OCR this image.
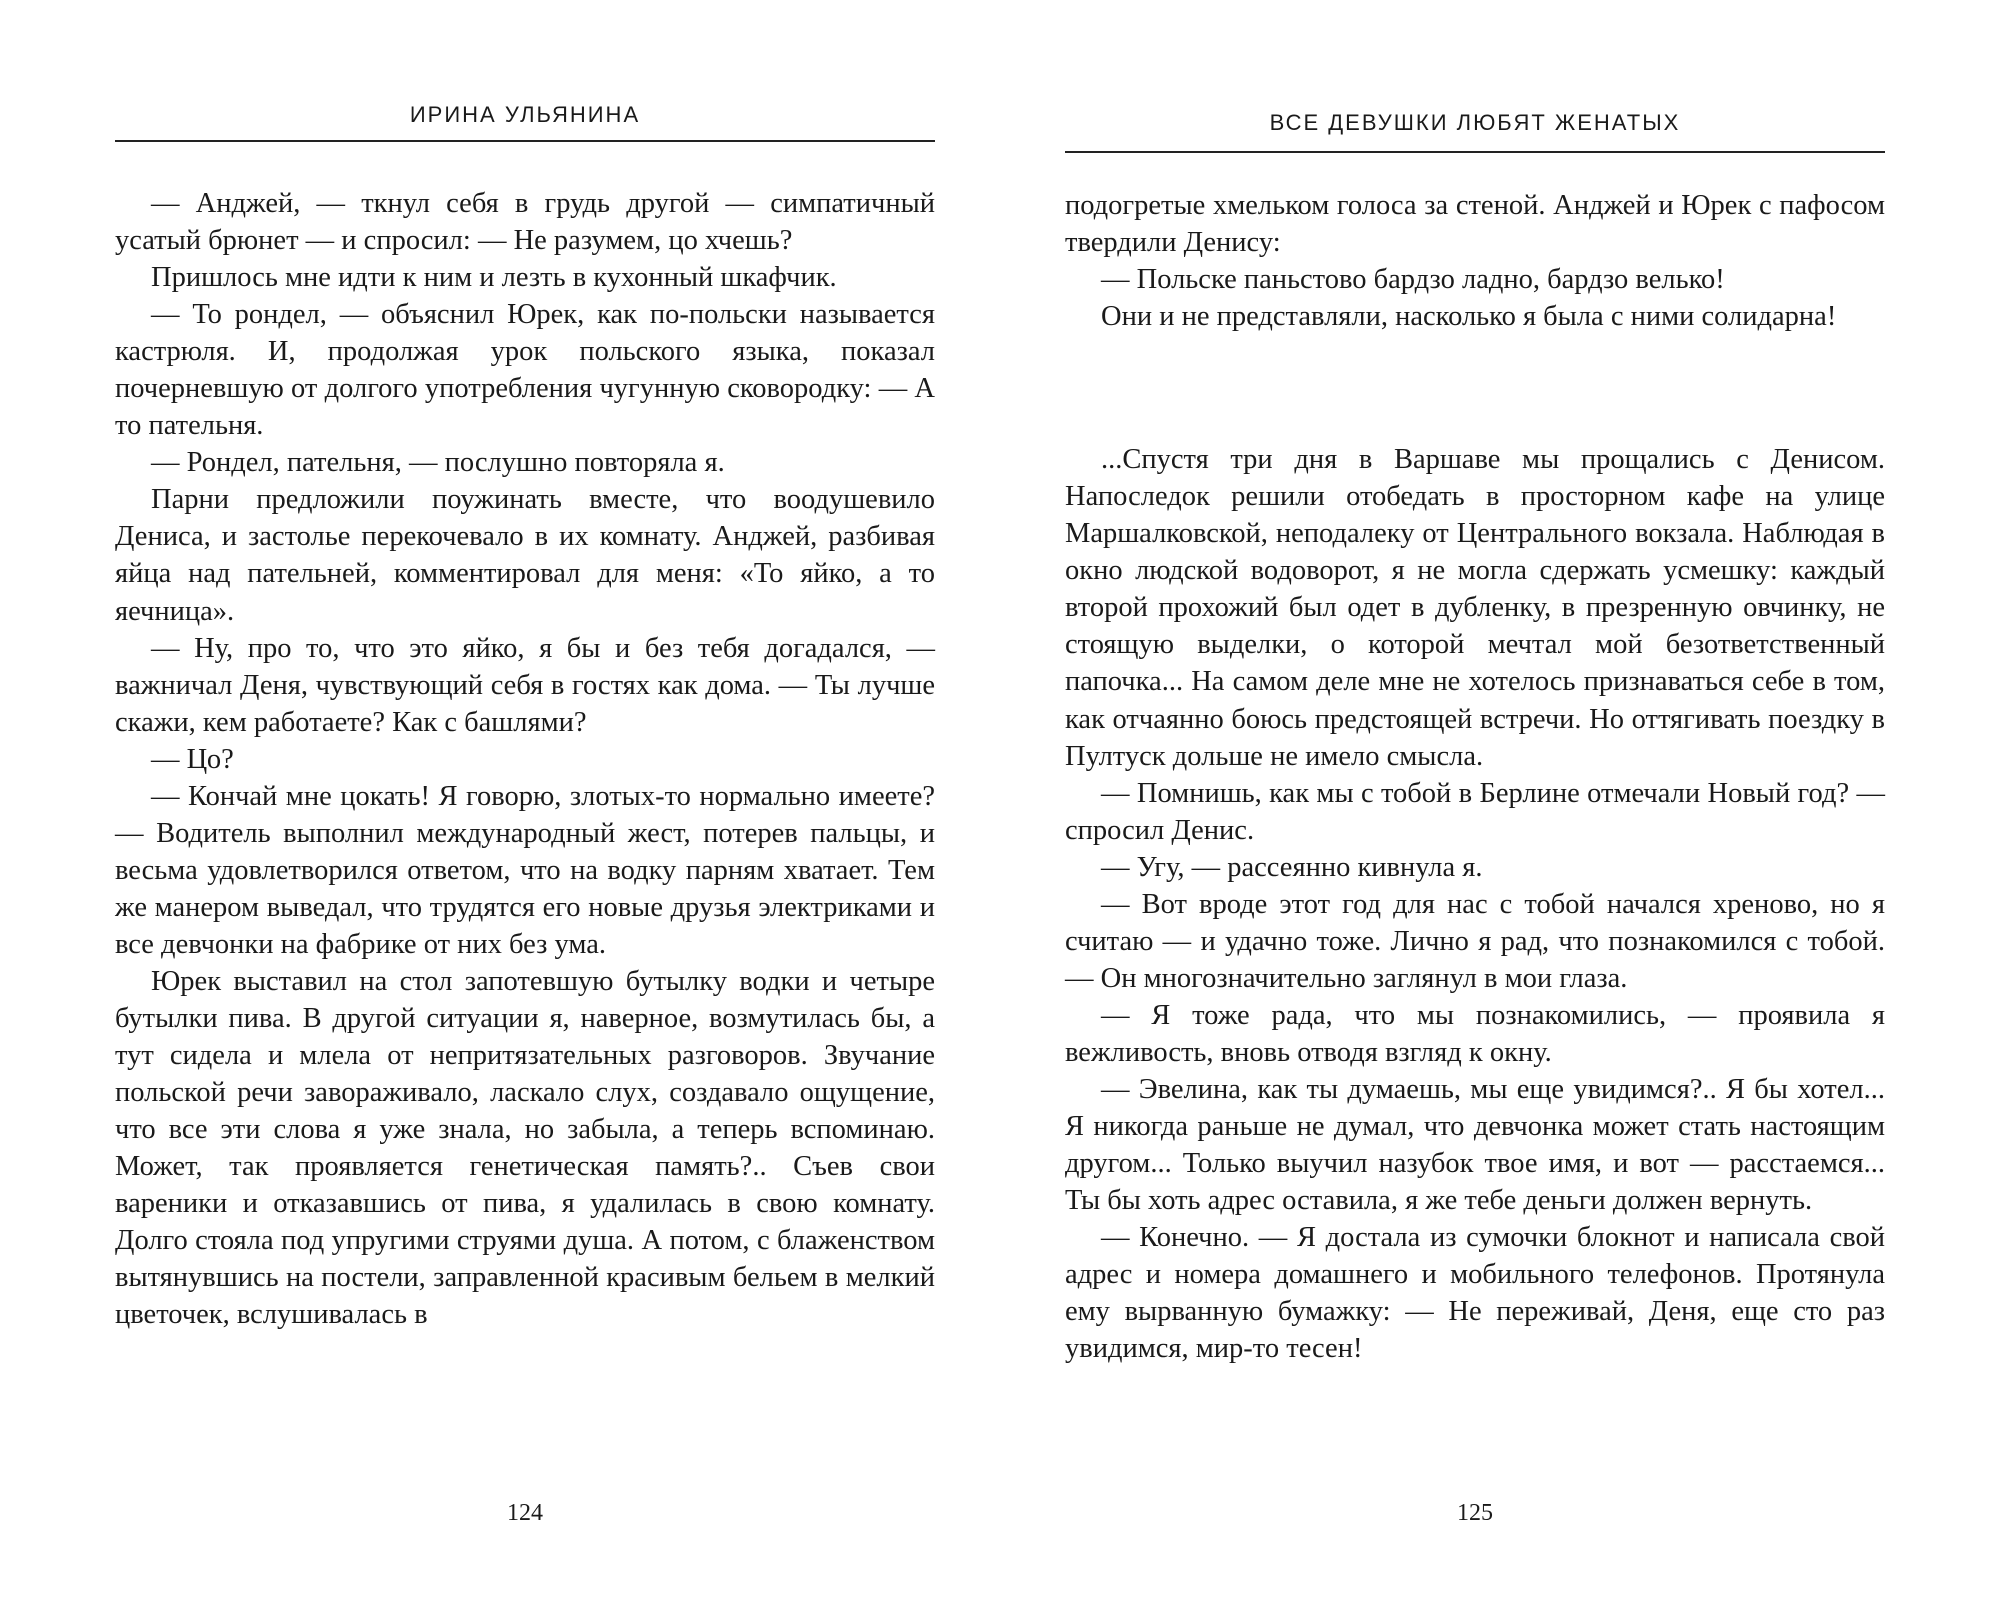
ИРИНА УЛЬЯНИНА

— Анджей, — ткнул себя в грудь другой — симпатичный усатый брюнет — и спросил: — Не разумем, цо хчешь?

Пришлось мне идти к ним и лезть в кухонный шкафчик.

— То рондел, — объяснил Юрек, как по-польски называется кастрюля. И, продолжая урок польского языка, показал почерневшую от долгого употребления чугунную сковородку: — А то пательня.

— Рондел, пательня, — послушно повторяла я.

Парни предложили поужинать вместе, что воодушевило Дениса, и застолье перекочевало в их комнату. Анджей, разбивая яйца над пательней, комментировал для меня: «То яйко, а то яечница».

— Ну, про то, что это яйко, я бы и без тебя догадался, — важничал Деня, чувствующий себя в гостях как дома. — Ты лучше скажи, кем работаете? Как с башлями?

— Цо?

— Кончай мне цокать! Я говорю, злотых-то нормально имеете? — Водитель выполнил международный жест, потерев пальцы, и весьма удовлетворился ответом, что на водку парням хватает. Тем же манером выведал, что трудятся его новые друзья электриками и все девчонки на фабрике от них без ума.

Юрек выставил на стол запотевшую бутылку водки и четыре бутылки пива. В другой ситуации я, наверное, возмутилась бы, а тут сидела и млела от непритязательных разговоров. Звучание польской речи завораживало, ласкало слух, создавало ощущение, что все эти слова я уже знала, но забыла, а теперь вспоминаю. Может, так проявляется генетическая память?.. Съев свои вареники и отказавшись от пива, я удалилась в свою комнату. Долго стояла под упругими струями душа. А потом, с блаженством вытянувшись на постели, заправленной красивым бельем в мелкий цветочек, вслушивалась в

124
ВСЕ ДЕВУШКИ ЛЮБЯТ ЖЕНАТЫХ

подогретые хмельком голоса за стеной. Анджей и Юрек с пафосом твердили Денису:

— Польске паньстово бардзо ладно, бардзо велько!

Они и не представляли, насколько я была с ними солидарна!

...Спустя три дня в Варшаве мы прощались с Денисом. Напоследок решили отобедать в просторном кафе на улице Маршалковской, неподалеку от Центрального вокзала. Наблюдая в окно людской водоворот, я не могла сдержать усмешку: каждый второй прохожий был одет в дубленку, в презренную овчинку, не стоящую выделки, о которой мечтал мой безответственный папочка... На самом деле мне не хотелось признаваться себе в том, как отчаянно боюсь предстоящей встречи. Но оттягивать поездку в Пултуск дольше не имело смысла.

— Помнишь, как мы с тобой в Берлине отмечали Новый год? — спросил Денис.

— Угу, — рассеянно кивнула я.

— Вот вроде этот год для нас с тобой начался хреново, но я считаю — и удачно тоже. Лично я рад, что познакомился с тобой. — Он многозначительно заглянул в мои глаза.

— Я тоже рада, что мы познакомились, — проявила я вежливость, вновь отводя взгляд к окну.

— Эвелина, как ты думаешь, мы еще увидимся?.. Я бы хотел... Я никогда раньше не думал, что девчонка может стать настоящим другом... Только выучил назубок твое имя, и вот — расстаемся... Ты бы хоть адрес оставила, я же тебе деньги должен вернуть.

— Конечно. — Я достала из сумочки блокнот и написала свой адрес и номера домашнего и мобильного телефонов. Протянула ему вырванную бумажку: — Не переживай, Деня, еще сто раз увидимся, мир-то тесен!

125
